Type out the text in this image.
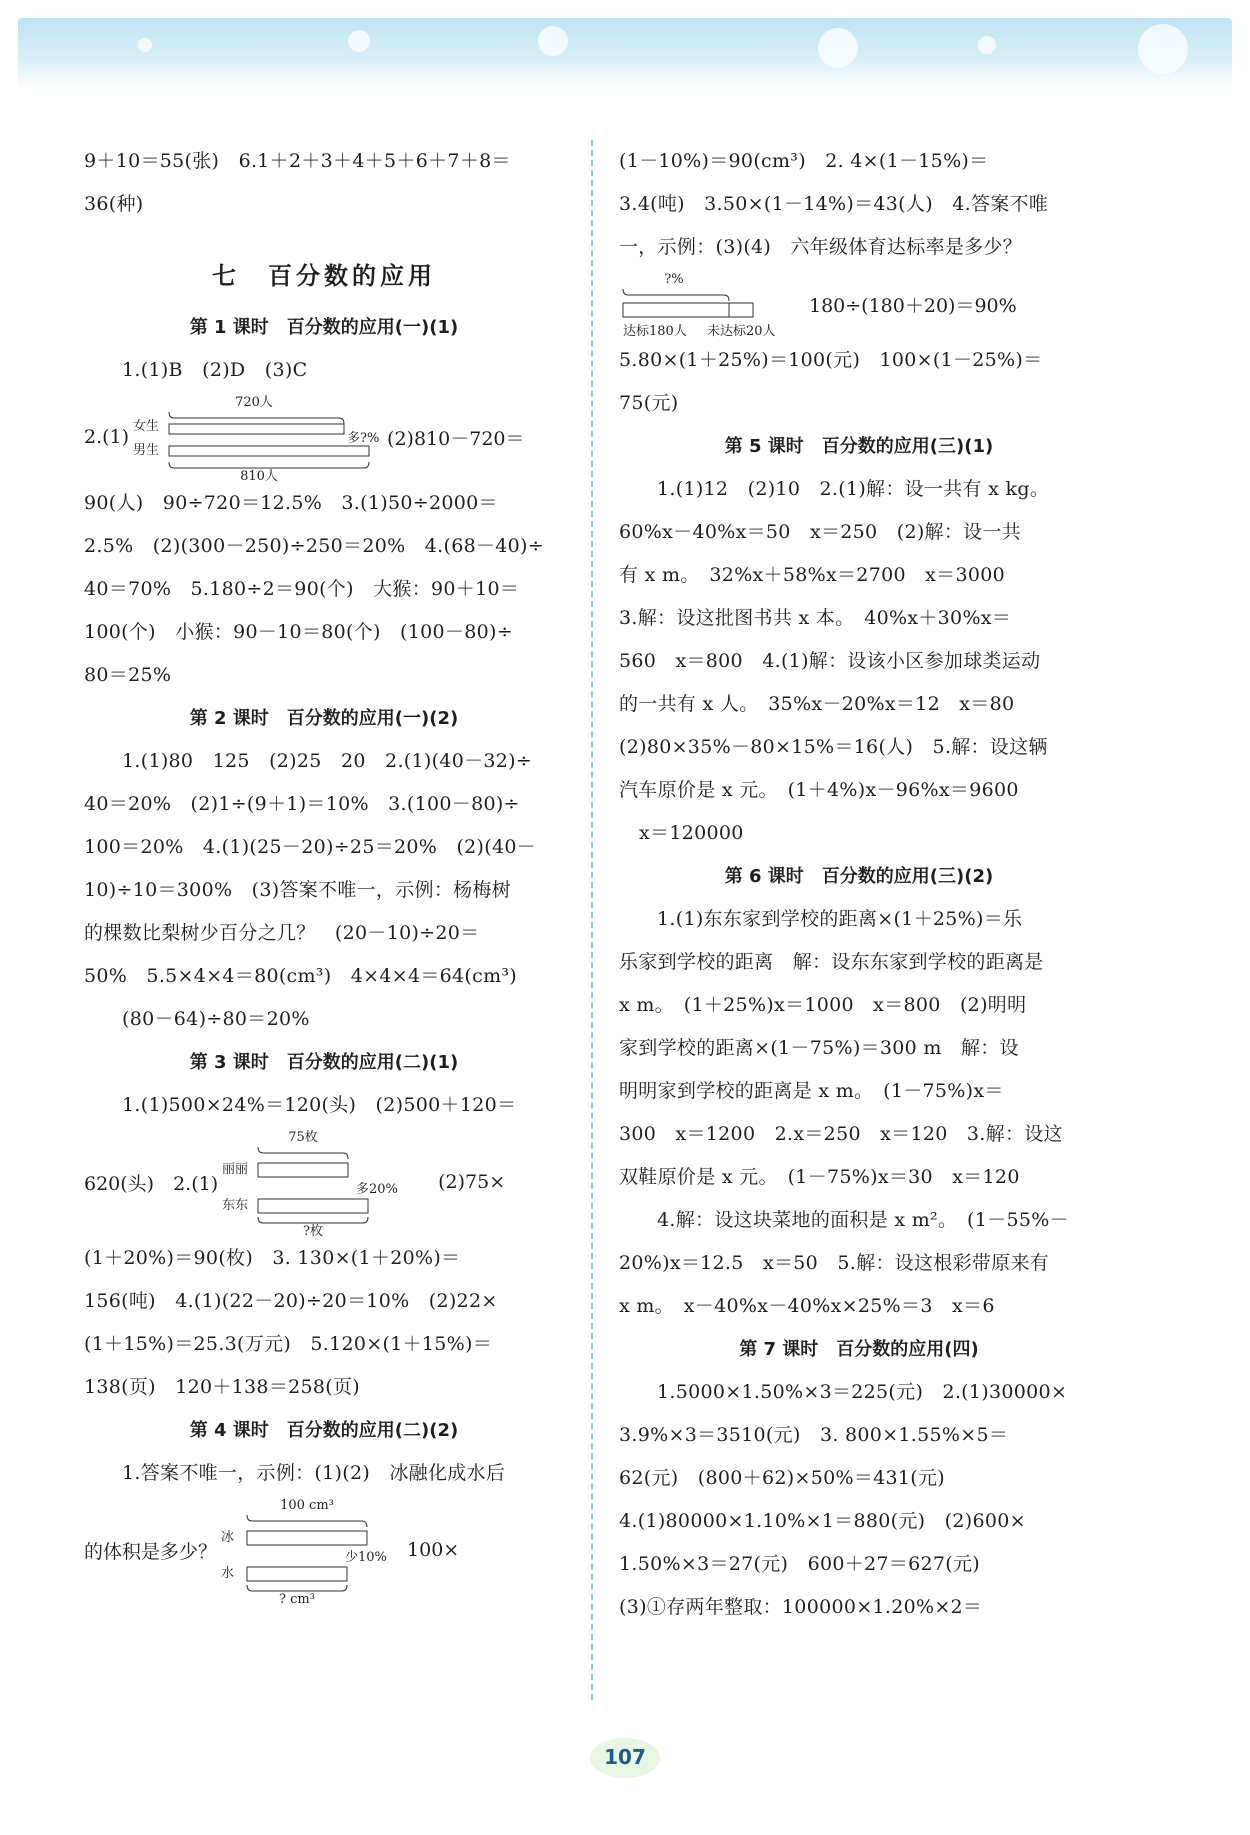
9＋10＝55(张)　6.1＋2＋3＋4＋5＋6＋7＋8＝
36(种)
七　百分数的应用
第 1 课时　百分数的应用(一)(1)
1.(1)B　(2)D　(3)C
2.(1)
720人
女生
男生
多?%
810人
(2)810－720＝
90(人)　90÷720＝12.5%　3.(1)50÷2000＝
2.5%　(2)(300－250)÷250＝20%　4.(68－40)÷
40＝70%　5.180÷2＝90(个)　大猴：90＋10＝
100(个)　小猴：90－10＝80(个)　(100－80)÷
80＝25%
第 2 课时　百分数的应用(一)(2)
1.(1)80　125　(2)25　20　2.(1)(40－32)÷
40＝20%　(2)1÷(9＋1)＝10%　3.(100－80)÷
100＝20%　4.(1)(25－20)÷25＝20%　(2)(40－
10)÷10＝300%　(3)答案不唯一，示例：杨梅树
的棵数比梨树少百分之几？　(20－10)÷20＝
50%　5.5×4×4＝80(cm³)　4×4×4＝64(cm³)
(80－64)÷80＝20%
第 3 课时　百分数的应用(二)(1)
1.(1)500×24%＝120(头)　(2)500＋120＝
620(头)　2.(1)
75枚
丽丽
多20%
东东
?枚
(2)75×
(1＋20%)＝90(枚)　3. 130×(1＋20%)＝
156(吨)　4.(1)(22－20)÷20＝10%　(2)22×
(1＋15%)＝25.3(万元)　5.120×(1＋15%)＝
138(页)　120＋138＝258(页)
第 4 课时　百分数的应用(二)(2)
1.答案不唯一，示例：(1)(2)　冰融化成水后
的体积是多少？
100 cm³
冰
少10%
水
? cm³
100×
(1－10%)＝90(cm³)　2. 4×(1－15%)＝
3.4(吨)　3.50×(1－14%)＝43(人)　4.答案不唯
一，示例：(3)(4)　六年级体育达标率是多少？
?%
达标180人 未达标20人
180÷(180＋20)＝90%
5.80×(1＋25%)＝100(元)　100×(1－25%)＝
75(元)
第 5 课时　百分数的应用(三)(1)
1.(1)12　(2)10　2.(1)解：设一共有 x kg。
60%x－40%x＝50　x＝250　(2)解：设一共
有 x m。　32%x＋58%x＝2700　x＝3000
3.解：设这批图书共 x 本。　40%x＋30%x＝
560　x＝800　4.(1)解：设该小区参加球类运动
的一共有 x 人。　35%x－20%x＝12　x＝80
(2)80×35%－80×15%＝16(人)　5.解：设这辆
汽车原价是 x 元。　(1＋4%)x－96%x＝9600
x＝120000
第 6 课时　百分数的应用(三)(2)
1.(1)东东家到学校的距离×(1＋25%)＝乐
乐家到学校的距离　解：设东东家到学校的距离是
x m。　(1＋25%)x＝1000　x＝800　(2)明明
家到学校的距离×(1－75%)＝300 m　解：设
明明家到学校的距离是 x m。　(1－75%)x＝
300　x＝1200　2.x＝250　x＝120　3.解：设这
双鞋原价是 x 元。　(1－75%)x＝30　x＝120
4.解：设这块菜地的面积是 x m²。　(1－55%－
20%)x＝12.5　x＝50　5.解：设这根彩带原来有
x m。　x－40%x－40%x×25%＝3　x＝6
第 7 课时　百分数的应用(四)
1.5000×1.50%×3＝225(元)　2.(1)30000×
3.9%×3＝3510(元)　3. 800×1.55%×5＝
62(元)　(800＋62)×50%＝431(元)
4.(1)80000×1.10%×1＝880(元)　(2)600×
1.50%×3＝27(元)　600＋27＝627(元)
(3)①存两年整取：100000×1.20%×2＝
107
